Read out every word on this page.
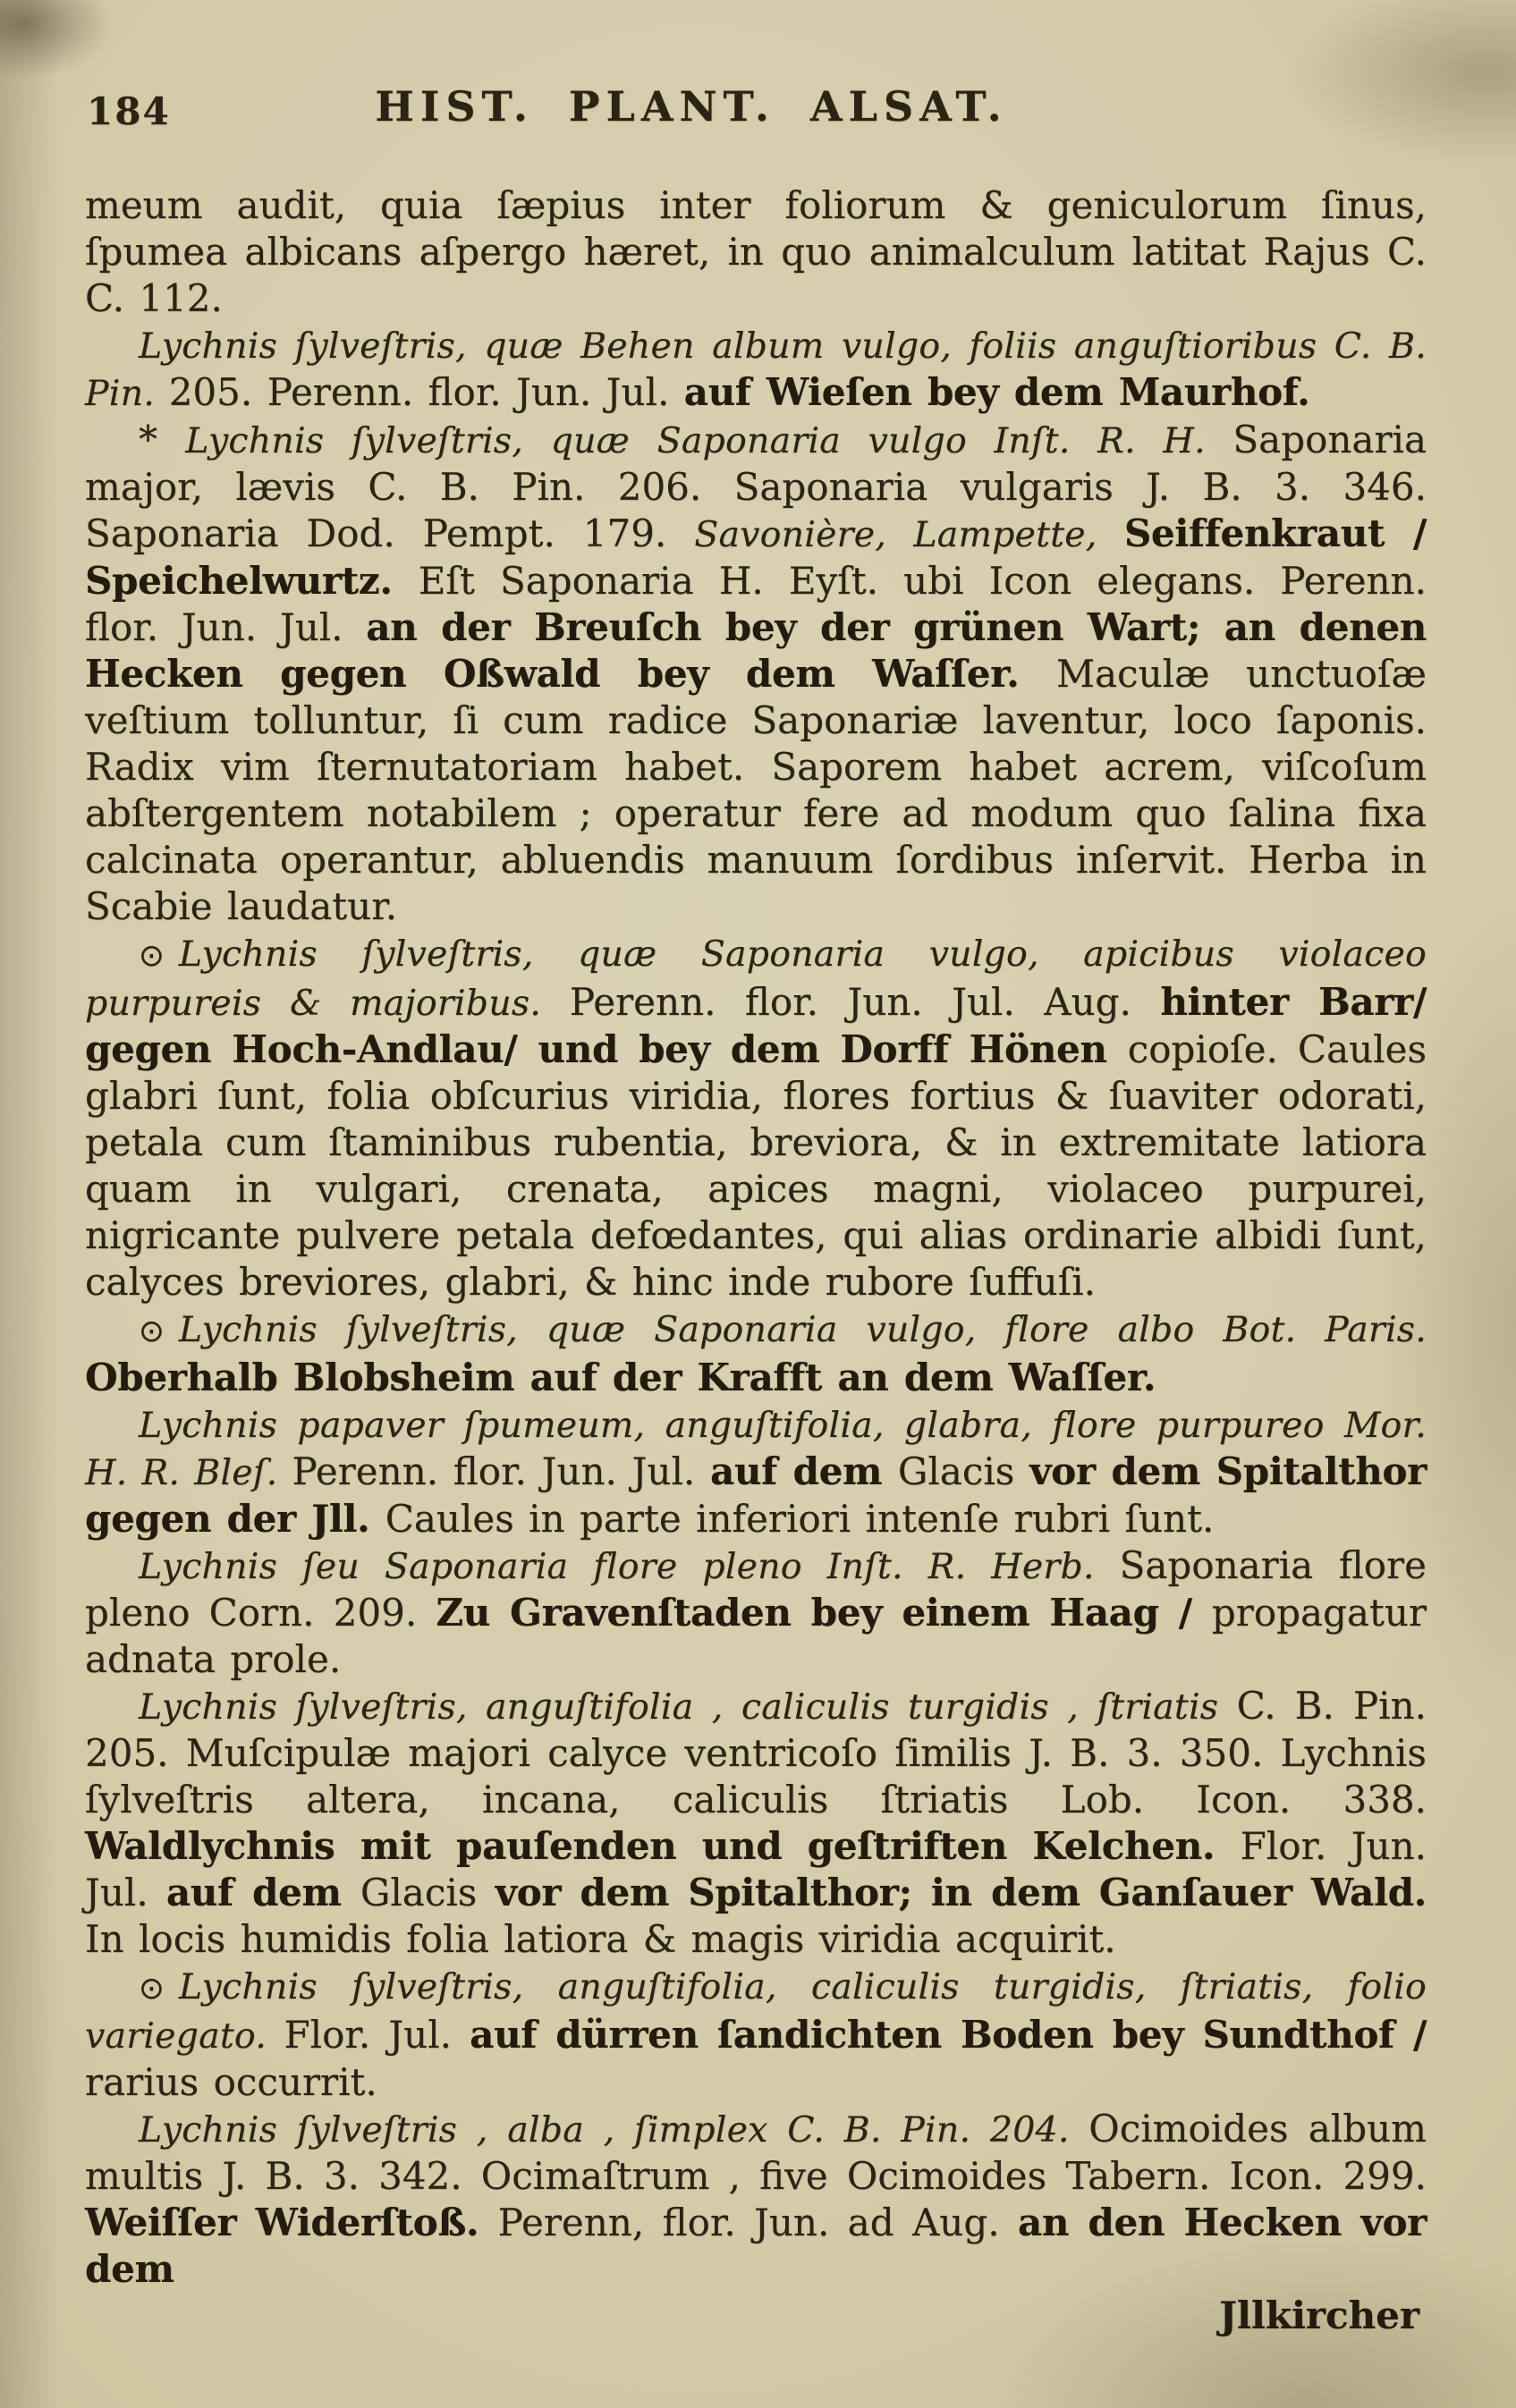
184	HIST. PLANT. ALSAT.

meum audit, quia ſæpius inter foliorum & geniculorum ſinus, ſpumea albicans aſpergo hæret, in quo animalculum latitat Rajus C. C. 112.

Lychnis ſylveſtris, quæ Behen album vulgo, foliis anguſtioribus C. B. Pin. 205. Perenn. flor. Jun. Jul. auf Wieſen bey dem Maurhof.

* Lychnis ſylveſtris, quæ Saponaria vulgo Inſt. R. H. Saponaria major, lævis C. B. Pin. 206. Saponaria vulgaris J. B. 3. 346. Saponaria Dod. Pempt. 179. Savonière, Lampette, Seiffenkraut / Speichelwurtz. Eſt Saponaria H. Eyſt. ubi Icon elegans. Perenn. flor. Jun. Jul. an der Breuſch bey der grünen Wart; an denen Hecken gegen Oßwald bey dem Waſſer. Maculæ unctuoſæ veſtium tolluntur, ſi cum radice Saponariæ laventur, loco ſaponis. Radix vim ſternutatoriam habet. Saporem habet acrem, viſcoſum abſtergentem notabilem ; operatur fere ad modum quo ſalina fixa calcinata operantur, abluendis manuum ſordibus inſervit. Herba in Scabie laudatur.

⊙ Lychnis ſylveſtris, quæ Saponaria vulgo, apicibus violaceo purpureis & majoribus. Perenn. flor. Jun. Jul. Aug. hinter Barr/ gegen Hoch-Andlau/ und bey dem Dorff Hönen copioſe. Caules glabri ſunt, folia obſcurius viridia, flores fortius & ſuaviter odorati, petala cum ſtaminibus rubentia, breviora, & in extremitate latiora quam in vulgari, crenata, apices magni, violaceo purpurei, nigricante pulvere petala defœdantes, qui alias ordinarie albidi ſunt, calyces breviores, glabri, & hinc inde rubore ſuffuſi.

⊙ Lychnis ſylveſtris, quæ Saponaria vulgo, flore albo Bot. Paris. Oberhalb Blobsheim auf der Krafft an dem Waſſer.

Lychnis papaver ſpumeum, anguſtifolia, glabra, flore purpureo Mor. H. R. Bleſ. Perenn. flor. Jun. Jul. auf dem Glacis vor dem Spitalthor gegen der Jll. Caules in parte inferiori intenſe rubri ſunt.

Lychnis ſeu Saponaria flore pleno Inſt. R. Herb. Saponaria flore pleno Corn. 209. Zu Gravenſtaden bey einem Haag / propagatur adnata prole.

Lychnis ſylveſtris, anguſtifolia , caliculis turgidis , ſtriatis C. B. Pin. 205. Muſcipulæ majori calyce ventricoſo ſimilis J. B. 3. 350. Lychnis ſylveſtris altera, incana, caliculis ſtriatis Lob. Icon. 338. Waldlychnis mit pauſenden und geſtriften Kelchen. Flor. Jun. Jul. auf dem Glacis vor dem Spitalthor; in dem Ganſauer Wald. In locis humidis folia latiora & magis viridia acquirit.

⊙ Lychnis ſylveſtris, anguſtifolia, caliculis turgidis, ſtriatis, folio variegato. Flor. Jul. auf dürren ſandichten Boden bey Sundthof / rarius occurrit.

Lychnis ſylveſtris , alba , ſimplex C. B. Pin. 204. Ocimoides album multis J. B. 3. 342. Ocimaſtrum , five Ocimoides Tabern. Icon. 299. Weiſſer Widerſtoß. Perenn, flor. Jun. ad Aug. an den Hecken vor dem

Jllkircher
